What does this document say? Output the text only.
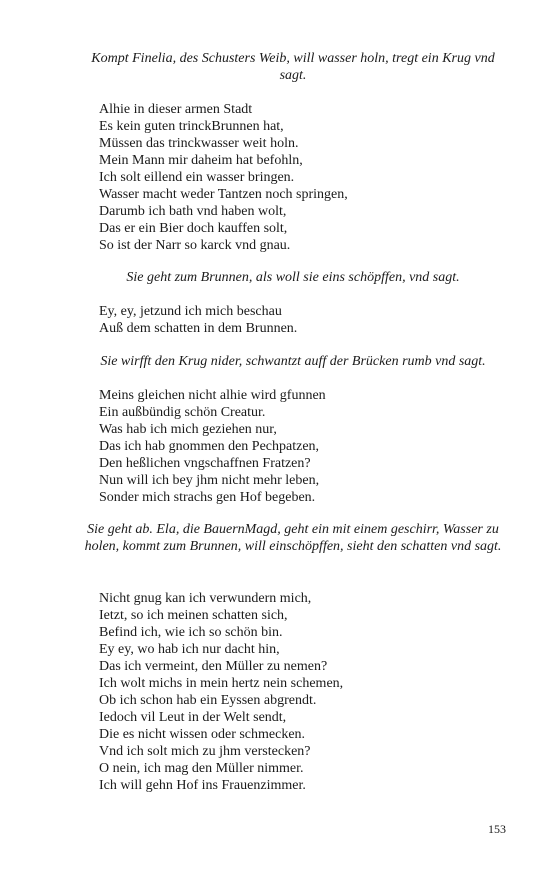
Kompt Finelia, des Schusters Weib, will wasser holn, tregt ein Krug vnd sagt.
Alhie in dieser armen Stadt
Es kein guten trinckBrunnen hat,
Müssen das trinckwasser weit holn.
Mein Mann mir daheim hat befohln,
Ich solt eillend ein wasser bringen.
Wasser macht weder Tantzen noch springen,
Darumb ich bath vnd haben wolt,
Das er ein Bier doch kauffen solt,
So ist der Narr so karck vnd gnau.
Sie geht zum Brunnen, als woll sie eins schöpffen, vnd sagt.
Ey, ey, jetzund ich mich beschau
Auß dem schatten in dem Brunnen.
Sie wirfft den Krug nider, schwantzt auff der Brücken rumb vnd sagt.
Meins gleichen nicht alhie wird gfunnen
Ein außbündig schön Creatur.
Was hab ich mich geziehen nur,
Das ich hab gnommen den Pechpatzen,
Den heßlichen vngschaffnen Fratzen?
Nun will ich bey jhm nicht mehr leben,
Sonder mich strachs gen Hof begeben.
Sie geht ab. Ela, die BauernMagd, geht ein mit einem geschirr, Wasser zu holen, kommt zum Brunnen, will einschöpffen, sieht den schatten vnd sagt.
Nicht gnug kan ich verwundern mich,
Ietzt, so ich meinen schatten sich,
Befind ich, wie ich so schön bin.
Ey ey, wo hab ich nur dacht hin,
Das ich vermeint, den Müller zu nemen?
Ich wolt michs in mein hertz nein schemen,
Ob ich schon hab ein Eyssen abgrendt.
Iedoch vil Leut in der Welt sendt,
Die es nicht wissen oder schmecken.
Vnd ich solt mich zu jhm verstecken?
O nein, ich mag den Müller nimmer.
Ich will gehn Hof ins Frauenzimmer.
153
